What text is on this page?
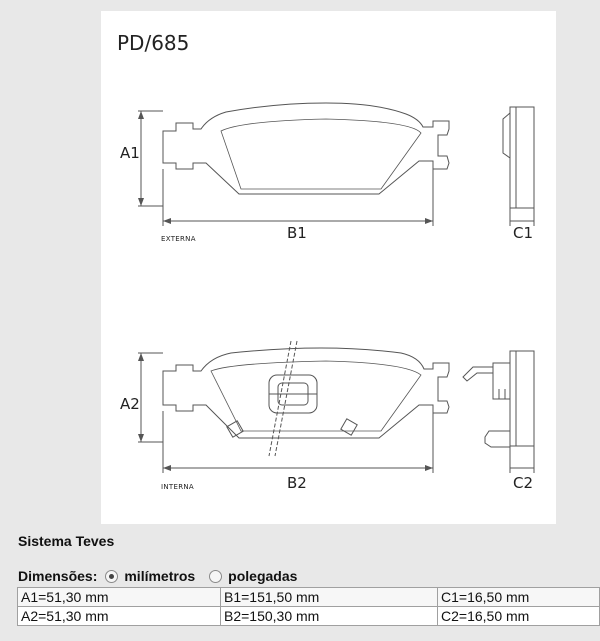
PD/685
A1
B1	C1
EXTERNA
A2
B2	C2
INTERNA
Sistema Teves
Dimensões: milímetros polegadas
A1=51,30 mm	B1=151,50 mm	C1=16,50 mm
A2=51,30 mm	B2=150,30 mm	C2=16,50 mm
